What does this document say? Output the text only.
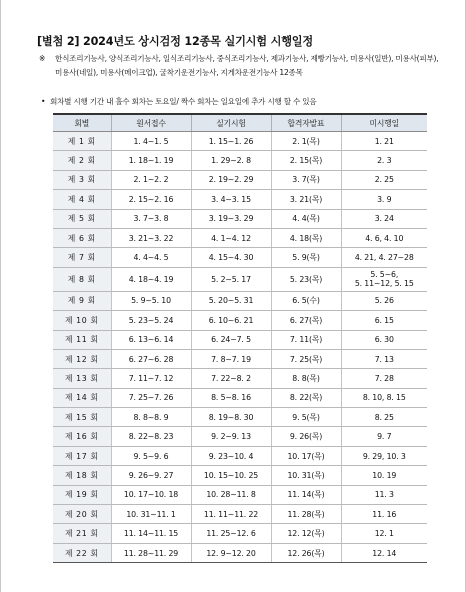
[별첨 2] 2024년도 상시검정 12종목 실기시험 시행일정
※ 한식조리기능사, 양식조리기능사, 일식조리기능사, 중식조리기능사, 제과기능사, 제빵기능사, 미용사(일반), 미용사(피부), 미용사(네일), 미용사(메이크업), 굴착기운전기능사, 지게차운전기능사 12종목
• 회차별 시행 기간 내 홀수 회차는 토요일/ 짝수 회차는 일요일에 추가 시행 할 수 있음
회별	원서접수	실기시험	합격자발표	미시행일
제 1 회	1. 4~1. 5	1. 15~1. 26	2. 1(목)	1. 21
제 2 회	1. 18~1. 19	1. 29~2. 8	2. 15(목)	2. 3
제 3 회	2. 1~2. 2	2. 19~2. 29	3. 7(목)	2. 25
제 4 회	2. 15~2. 16	3. 4~3. 15	3. 21(목)	3. 9
제 5 회	3. 7~3. 8	3. 19~3. 29	4. 4(목)	3. 24
제 6 회	3. 21~3. 22	4. 1~4. 12	4. 18(목)	4. 6, 4. 10
제 7 회	4. 4~4. 5	4. 15~4. 30	5. 9(목)	4. 21, 4. 27~28
제 8 회	4. 18~4. 19	5. 2~5. 17	5. 23(목)	5. 5~6,
5. 11~12, 5. 15
제 9 회	5. 9~5. 10	5. 20~5. 31	6. 5(수)	5. 26
제 10 회	5. 23~5. 24	6. 10~6. 21	6. 27(목)	6. 15
제 11 회	6. 13~6. 14	6. 24~7. 5	7. 11(목)	6. 30
제 12 회	6. 27~6. 28	7. 8~7. 19	7. 25(목)	7. 13
제 13 회	7. 11~7. 12	7. 22~8. 2	8. 8(목)	7. 28
제 14 회	7. 25~7. 26	8. 5~8. 16	8. 22(목)	8. 10, 8. 15
제 15 회	8. 8~8. 9	8. 19~8. 30	9. 5(목)	8. 25
제 16 회	8. 22~8. 23	9. 2~9. 13	9. 26(목)	9. 7
제 17 회	9. 5~9. 6	9. 23~10. 4	10. 17(목)	9. 29, 10. 3
제 18 회	9. 26~9. 27	10. 15~10. 25	10. 31(목)	10. 19
제 19 회	10. 17~10. 18	10. 28~11. 8	11. 14(목)	11. 3
제 20 회	10. 31~11. 1	11. 11~11. 22	11. 28(목)	11. 16
제 21 회	11. 14~11. 15	11. 25~12. 6	12. 12(목)	12. 1
제 22 회	11. 28~11. 29	12. 9~12. 20	12. 26(목)	12. 14
